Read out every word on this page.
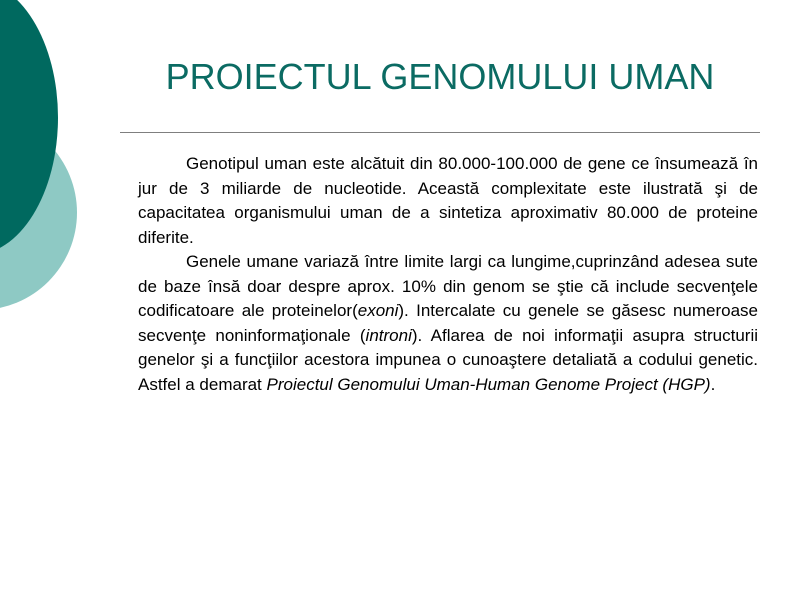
PROIECTUL GENOMULUI UMAN

Genotipul uman este alcătuit din 80.000-100.000 de gene ce însumează în jur de 3 miliarde de nucleotide. Această complexitate este ilustrată şi de capacitatea organismului uman de a sintetiza aproximativ 80.000 de proteine diferite.

Genele umane variază între limite largi ca lungime,cuprinzând adesea sute de baze însă doar despre aprox. 10% din genom se ştie că include secvenţele codificatoare ale proteinelor(exoni). Intercalate cu genele se găsesc numeroase secvenţe noninformaţionale (introni). Aflarea de noi informaţii asupra structurii genelor şi a funcţiilor acestora impunea o cunoaştere detaliată a codului genetic. Astfel a demarat Proiectul Genomului Uman-Human Genome Project (HGP).
